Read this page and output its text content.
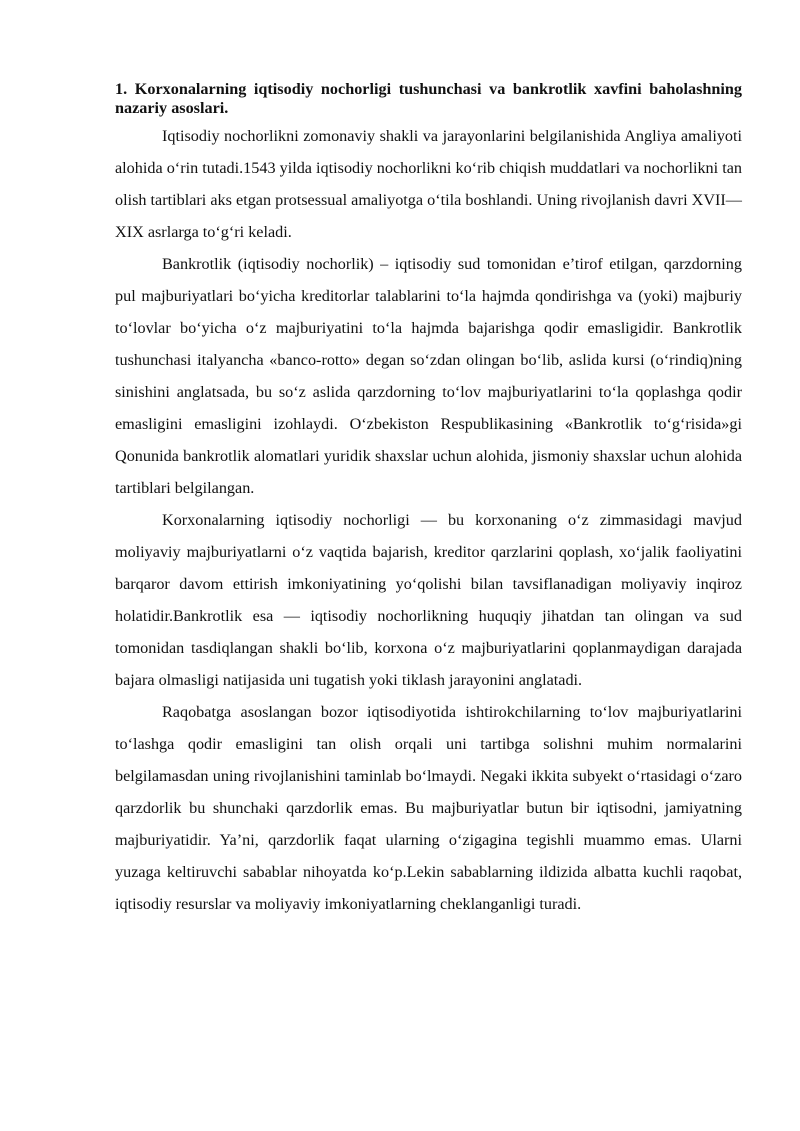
1. Korxonalarning iqtisodiy nochorligi tushunchasi va bankrotlik xavfini baholashning nazariy asoslari.

Iqtisodiy nochorlikni zomonaviy shakli va jarayonlarini belgilanishida Angliya amaliyoti alohida o‘rin tutadi.1543 yilda iqtisodiy nochorlikni ko‘rib chiqish muddatlari va nochorlikni tan olish tartiblari aks etgan protsessual amaliyotga o‘tila boshlandi. Uning rivojlanish davri XVII— XIX asrlarga to‘g‘ri keladi.

Bankrotlik (iqtisodiy nochorlik) – iqtisodiy sud tomonidan e’tirof etilgan, qarzdorning pul majburiyatlari bo‘yicha kreditorlar talablarini to‘la hajmda qondirishga va (yoki) majburiy to‘lovlar bo‘yicha o‘z majburiyatini to‘la hajmda bajarishga qodir emasligidir. Bankrotlik tushunchasi italyancha «banco-rotto» degan so‘zdan olingan bo‘lib, aslida kursi (o‘rindiq)ning sinishini anglatsada, bu so‘z aslida qarzdorning to‘lov majburiyatlarini to‘la qoplashga qodir emasligini emasligini izohlaydi. O‘zbekiston Respublikasining «Bankrotlik to‘g‘risida»gi Qonunida bankrotlik alomatlari yuridik shaxslar uchun alohida, jismoniy shaxslar uchun alohida tartiblari belgilangan.

Korxonalarning iqtisodiy nochorligi — bu korxonaning o‘z zimmasidagi mavjud moliyaviy majburiyatlarni o‘z vaqtida bajarish, kreditor qarzlarini qoplash, xo‘jalik faoliyatini barqaror davom ettirish imkoniyatining yo‘qolishi bilan tavsiflanadigan moliyaviy inqiroz holatidir.Bankrotlik esa — iqtisodiy nochorlikning huquqiy jihatdan tan olingan va sud tomonidan tasdiqlangan shakli bo‘lib, korxona o‘z majburiyatlarini qoplanmaydigan darajada bajara olmasligi natijasida uni tugatish yoki tiklash jarayonini anglatadi.

Raqobatga asoslangan bozor iqtisodiyotida ishtirokchilarning to‘lov majburiyatlarini to‘lashga qodir emasligini tan olish orqali uni tartibga solishni muhim normalarini belgilamasdan uning rivojlanishini taminlab bo‘lmaydi. Negaki ikkita subyekt o‘rtasidagi o‘zaro qarzdorlik bu shunchaki qarzdorlik emas. Bu majburiyatlar butun bir iqtisodni, jamiyatning majburiyatidir. Ya’ni, qarzdorlik faqat ularning o‘zigagina tegishli muammo emas. Ularni yuzaga keltiruvchi sabablar nihoyatda ko‘p.Lekin sabablarning ildizida albatta kuchli raqobat, iqtisodiy resurslar va moliyaviy imkoniyatlarning cheklanganligi turadi.
